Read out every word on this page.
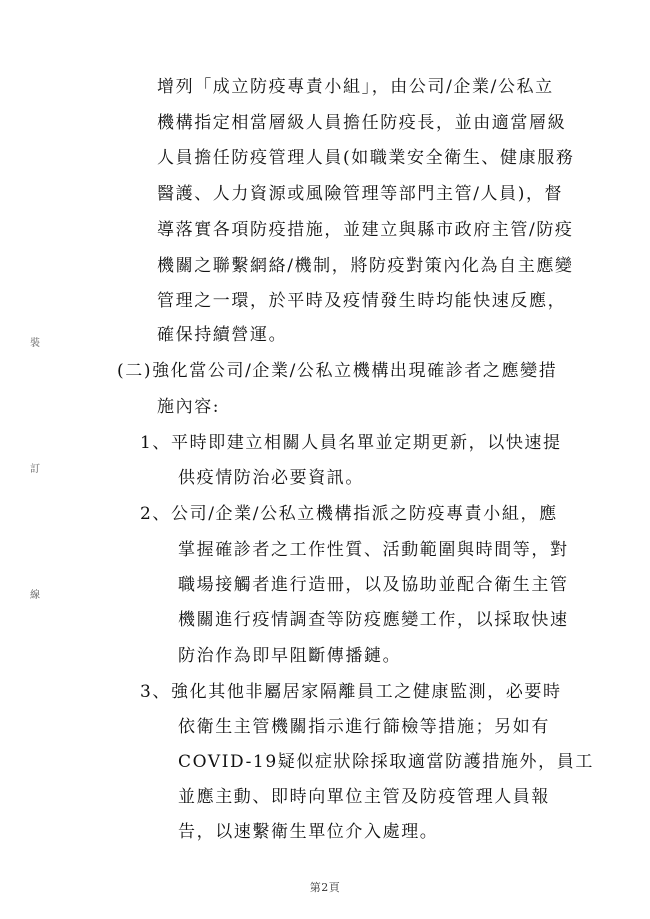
裝
訂
線
增列「成立防疫專責小組」，由公司/企業/公私立
機構指定相當層級人員擔任防疫長，並由適當層級
人員擔任防疫管理人員(如職業安全衛生、健康服務
醫護、人力資源或風險管理等部門主管/人員)，督
導落實各項防疫措施，並建立與縣市政府主管/防疫
機關之聯繫網絡/機制，將防疫對策內化為自主應變
管理之一環，於平時及疫情發生時均能快速反應，
確保持續營運。
(二)強化當公司/企業/公私立機構出現確診者之應變措
施內容:
1、平時即建立相關人員名單並定期更新，以快速提
供疫情防治必要資訊。
2、公司/企業/公私立機構指派之防疫專責小組，應
掌握確診者之工作性質、活動範圍與時間等，對
職場接觸者進行造冊，以及協助並配合衛生主管
機關進行疫情調查等防疫應變工作，以採取快速
防治作為即早阻斷傳播鏈。
3、強化其他非屬居家隔離員工之健康監測，必要時
依衛生主管機關指示進行篩檢等措施；另如有
COVID-19疑似症狀除採取適當防護措施外，員工
並應主動、即時向單位主管及防疫管理人員報
告，以速繫衛生單位介入處理。
第2頁
